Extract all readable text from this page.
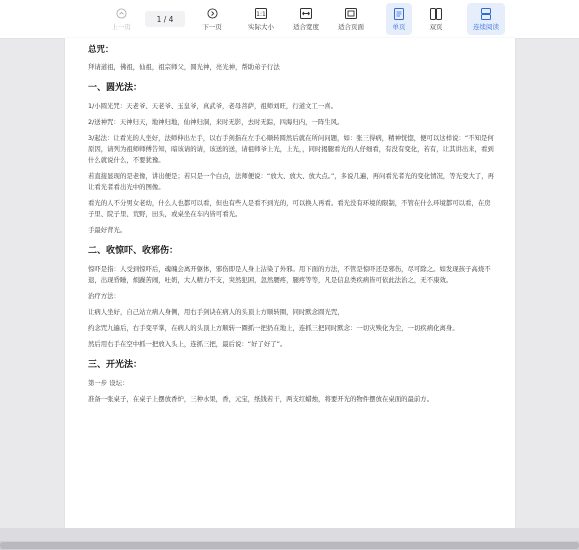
上一页
1 / 4
下一页
1:1
实际大小	适合宽度	适合页面	单页	双页	连续阅读
总咒：
拜请道祖，佛祖，仙祖，祖宗师父，圆光神，亮光神，帮助弟子行法
一、圆光法：
1/小圆光咒：天老爷、天老爷、玉皇爷，真武爷，老母菩萨，祖师刘旺，行道文工一喜。
2/送神咒：天神归天，地神归地，仙神归洞，来时无影，去时无踪，四海归内，一阵生风。
3/起法：让看光的人坐好，法师伸出左手，以右手剑指在左手心顺转圆然后就在所问问题，如：张三得病，精神恍惚，便可以这样说：“不知是何原因，请列为祖师师傅告知，暗该请的请，该送的送，请祖师爷上光，上光，，同时揭腿看光的人仔细看，有没有变化，若有，让其讲出来，看到什么就说什么，不要犹豫。
若直接显现的是老像，讲出便是；若只是一个白点，法师便说：“放大、放大、放大点。”，多说几遍，再问看光者光的变化情况，等光变大了，再让看光者看出光中的图像。
看光的人不分男女老幼，什么人也都可以看，但也有些人是看不到光的，可以换人再看。看光没有环境的限制，不管在什么环境都可以看，在房子里、院子里、荒野，田头，或桌坐在车内皆可看光。
手最好背光。
二、收惊吓、收邪伤：
惊吓是指：人受到惊吓后，魂魄会离开躯体，邪伤即是人身上沾染了外邪。用下面的方法，不管是惊吓还是邪伤，尽可除之。如发现孩子高烧不退，出现昏睡，烦躁苦闹，吐奶，大人精力不支，突然犯困，忽然腰疼，腿疼等等，凡是信息类疾病皆可依此法治之，无不康效。
治疗方法：
让病人坐好，自己站立病人身侧，用右手剑诀在病人的头顶上方顺转圈，同时默念圆光咒，
约念咒九遍后，右手变平掌，在病人的头顶上方顺转一圈抓一把扔在地上，连抓三把同时默念：一切灾殃化为尘，一切疾病化离身。
然后用右手在空中抓一把放入头上，连抓三把，最后说：“好了好了”。
三、开光法：
第一步 设坛：
准备一张桌子，在桌子上摆放香炉，三种水果，香，元宝，纸钱若干，两支红蜡烛，将要开光的物件摆放在桌面的最前方。
